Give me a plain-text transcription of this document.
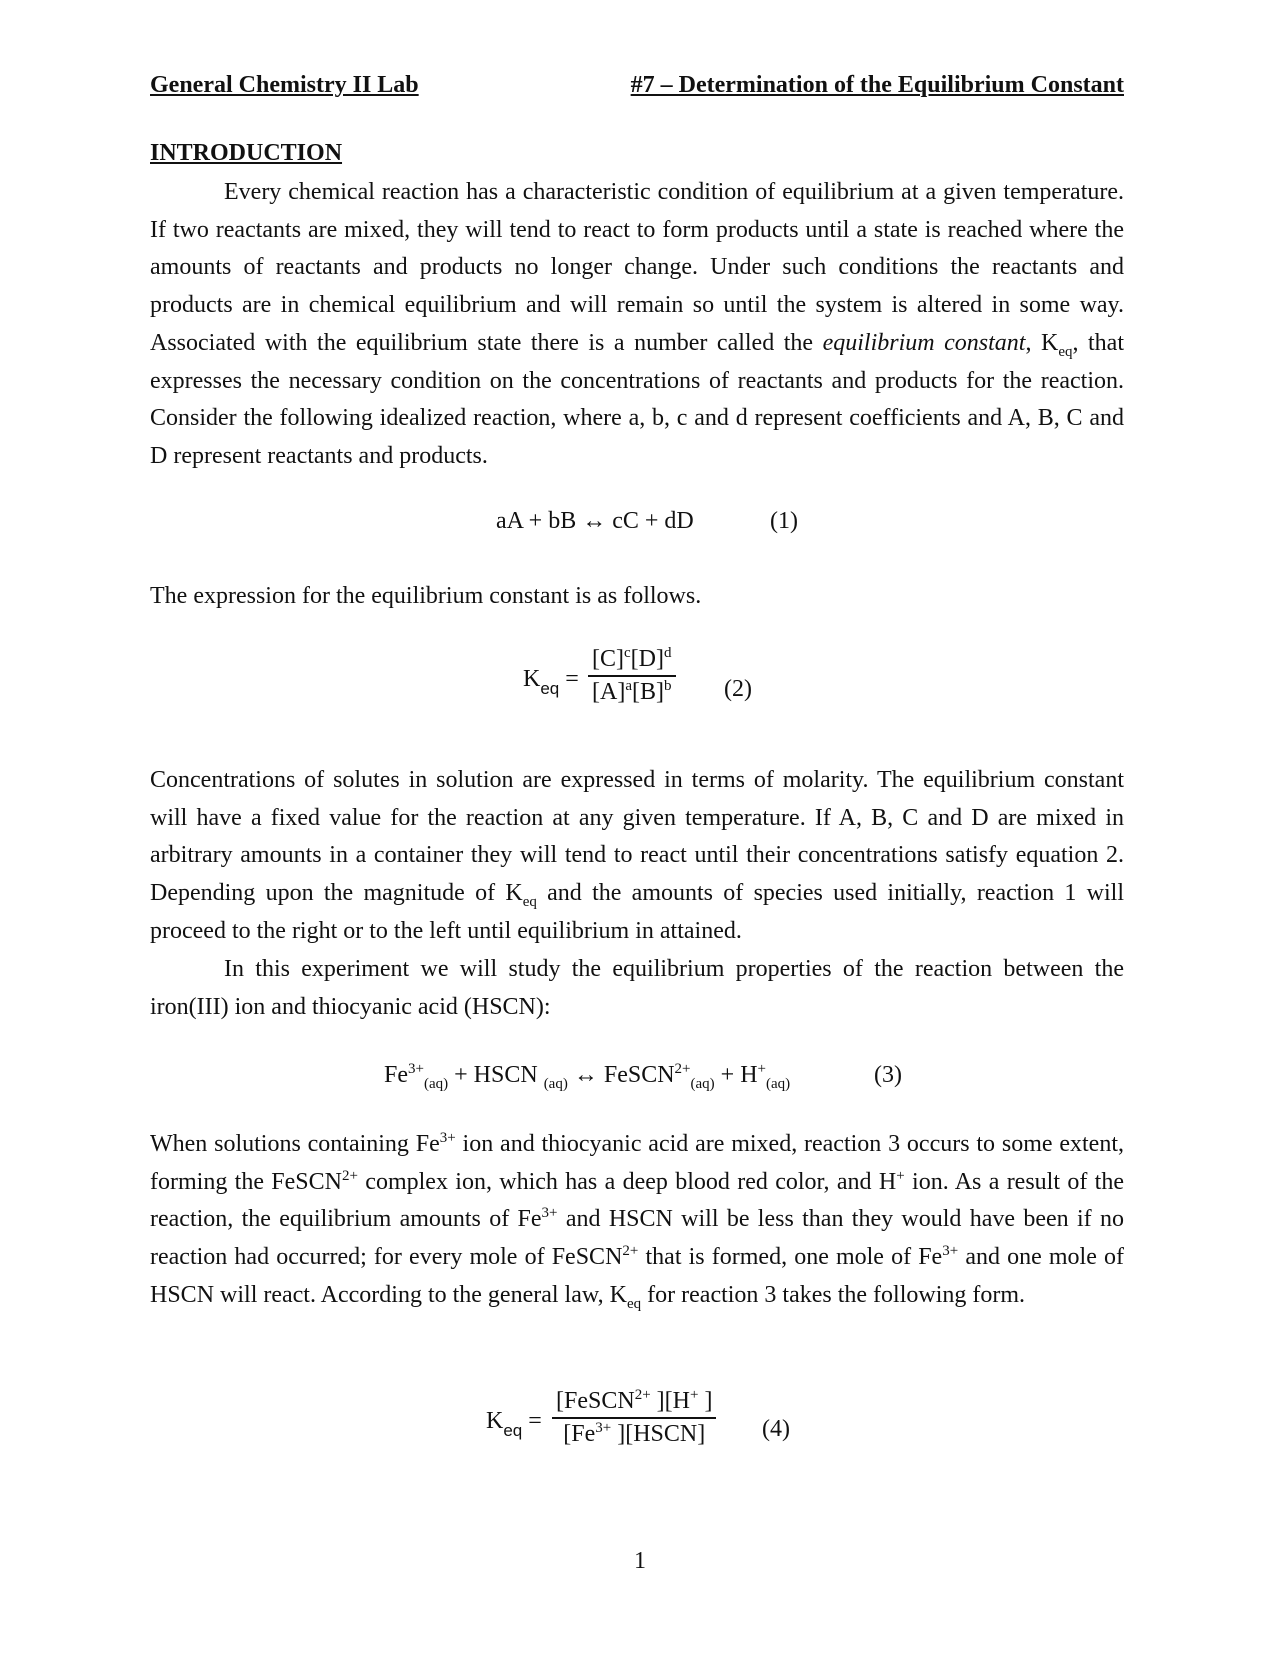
General Chemistry II Lab	#7 – Determination of the Equilibrium Constant
INTRODUCTION

Every chemical reaction has a characteristic condition of equilibrium at a given temperature. If two reactants are mixed, they will tend to react to form products until a state is reached where the amounts of reactants and products no longer change. Under such conditions the reactants and products are in chemical equilibrium and will remain so until the system is altered in some way. Associated with the equilibrium state there is a number called the equilibrium constant, $K_{eq}$, that expresses the necessary condition on the concentrations of reactants and products for the reaction. Consider the following idealized reaction, where a, b, c and d represent coefficients and A, B, C and D represent reactants and products.

aA + bB ↔ cC + dD	(1)

The expression for the equilibrium constant is as follows.

$K_{eq}$ =
$[C]^c[D]^d$
$[A]^a[B]^b$ (2)

Concentrations of solutes in solution are expressed in terms of molarity. The equilibrium constant will have a fixed value for the reaction at any given temperature. If A, B, C and D are mixed in arbitrary amounts in a container they will tend to react until their concentrations satisfy equation 2. Depending upon the magnitude of $K_{eq}$ and the amounts of species used initially, reaction 1 will proceed to the right or to the left until equilibrium in attained.

In this experiment we will study the equilibrium properties of the reaction between the iron(III) ion and thiocyanic acid (HSCN):

$Fe^{3+}_{(aq)}$ + HSCN $_{(aq)}$ ↔ FeSCN$^{2+}_{(aq)}$ + $H^+_{(aq)}$	(3)

When solutions containing $Fe^{3+}$ ion and thiocyanic acid are mixed, reaction 3 occurs to some extent, forming the FeSCN$^{2+}$ complex ion, which has a deep blood red color, and H+ ion. As a result of the reaction, the equilibrium amounts of $Fe^{3+}$ and HSCN will be less than they would have been if no reaction had occurred; for every mole of FeSCN$^{2+}$ that is formed, one mole of $Fe^{3+}$ and one mole of HSCN will react. According to the general law, $K_{eq}$ for reaction 3 takes the following form.

$K_{eq}$ =
[FeSCN$^{2+}$ ][H+ ]
[$Fe^{3+}$ ][HSCN]	(4)
1
